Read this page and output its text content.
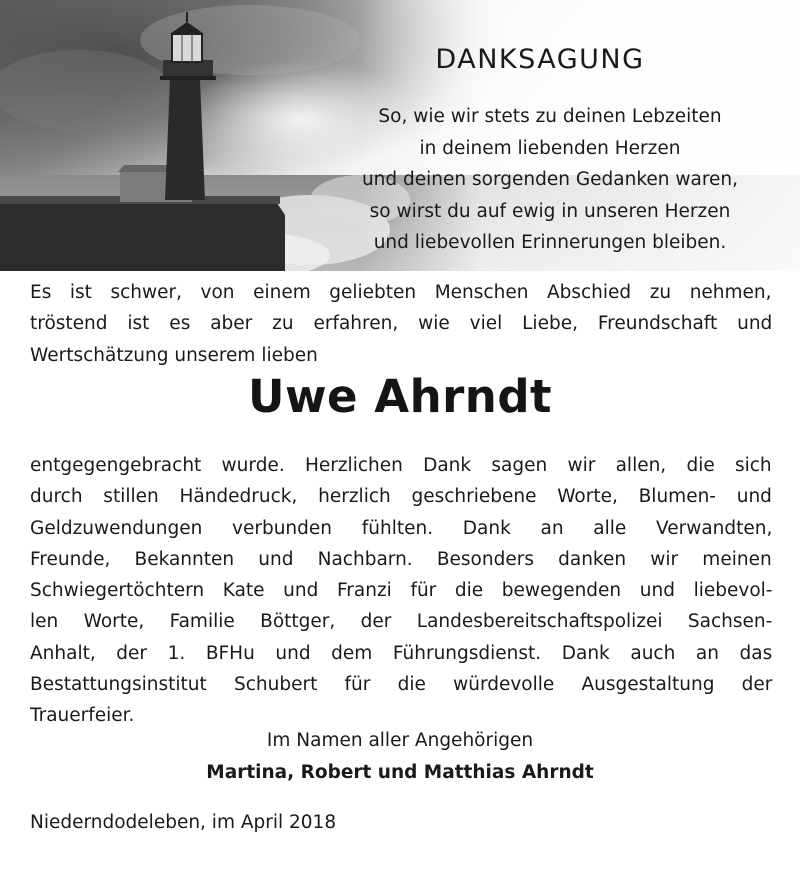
DANKSAGUNG
So, wie wir stets zu deinen Lebzeiten
in deinem liebenden Herzen
und deinen sorgenden Gedanken waren,
so wirst du auf ewig in unseren Herzen
und liebevollen Erinnerungen bleiben.
Es ist schwer, von einem geliebten Menschen Abschied zu nehmen,
tröstend ist es aber zu erfahren, wie viel Liebe, Freundschaft und
Wertschätzung unserem lieben
Uwe Ahrndt
entgegengebracht wurde. Herzlichen Dank sagen wir allen, die sich
durch stillen Händedruck, herzlich geschriebene Worte, Blumen- und
Geldzuwendungen verbunden fühlten. Dank an alle Verwandten,
Freunde, Bekannten und Nachbarn. Besonders danken wir meinen
Schwiegertöchtern Kate und Franzi für die bewegenden und liebevol-
len Worte, Familie Böttger, der Landesbereitschaftspolizei Sachsen-
Anhalt, der 1. BFHu und dem Führungsdienst. Dank auch an das
Bestattungsinstitut Schubert für die würdevolle Ausgestaltung der
Trauerfeier.

Im Namen aller Angehörigen

Martina, Robert und Matthias Ahrndt

Niederndodeleben, im April 2018
